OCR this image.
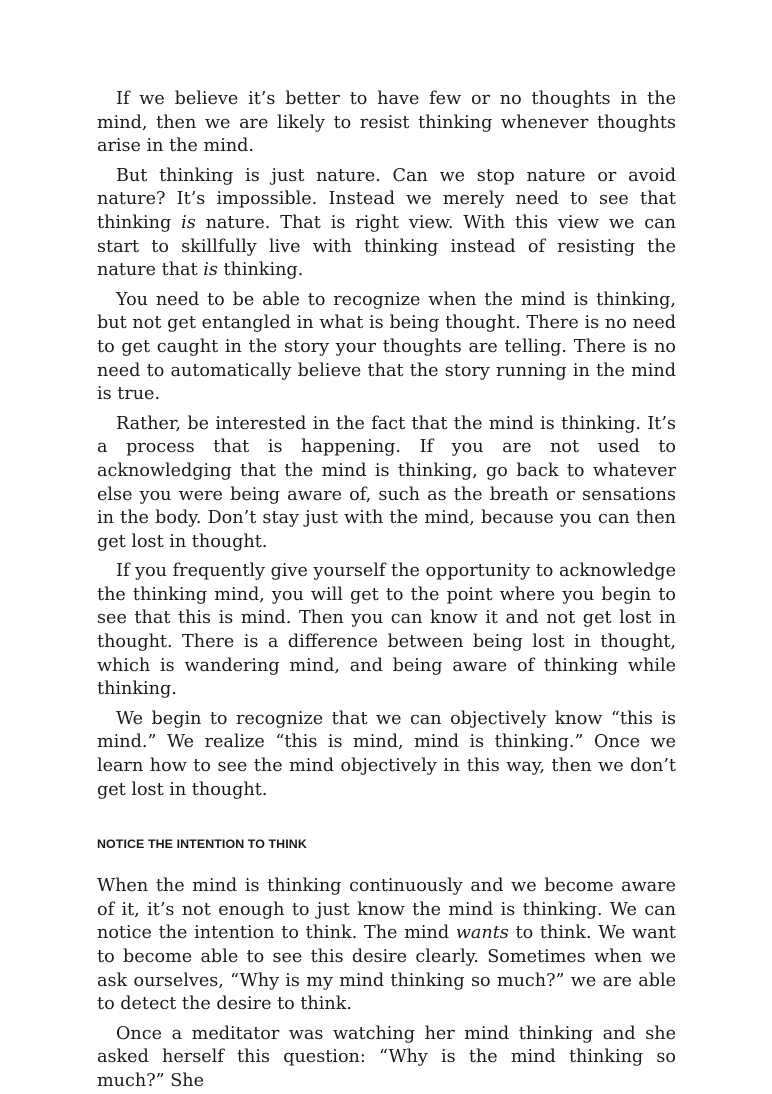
If we believe it’s better to have few or no thoughts in the mind, then we are likely to resist thinking whenever thoughts arise in the mind.

But thinking is just nature. Can we stop nature or avoid nature? It’s impossible. Instead we merely need to see that thinking is nature. That is right view. With this view we can start to skillfully live with thinking instead of resisting the nature that is thinking.

You need to be able to recognize when the mind is thinking, but not get entangled in what is being thought. There is no need to get caught in the story your thoughts are telling. There is no need to automatically believe that the story running in the mind is true.

Rather, be interested in the fact that the mind is thinking. It’s a process that is happening. If you are not used to acknowledging that the mind is thinking, go back to whatever else you were being aware of, such as the breath or sensations in the body. Don’t stay just with the mind, because you can then get lost in thought.

If you frequently give yourself the opportunity to acknowledge the thinking mind, you will get to the point where you begin to see that this is mind. Then you can know it and not get lost in thought. There is a difference between being lost in thought, which is wandering mind, and being aware of thinking while thinking.

We begin to recognize that we can objectively know “this is mind.” We realize “this is mind, mind is thinking.” Once we learn how to see the mind objectively in this way, then we don’t get lost in thought.

NOTICE THE INTENTION TO THINK

When the mind is thinking continuously and we become aware of it, it’s not enough to just know the mind is thinking. We can notice the intention to think. The mind wants to think. We want to become able to see this desire clearly. Sometimes when we ask ourselves, “Why is my mind thinking so much?” we are able to detect the desire to think.

Once a meditator was watching her mind thinking and she asked herself this question: “Why is the mind thinking so much?” She
